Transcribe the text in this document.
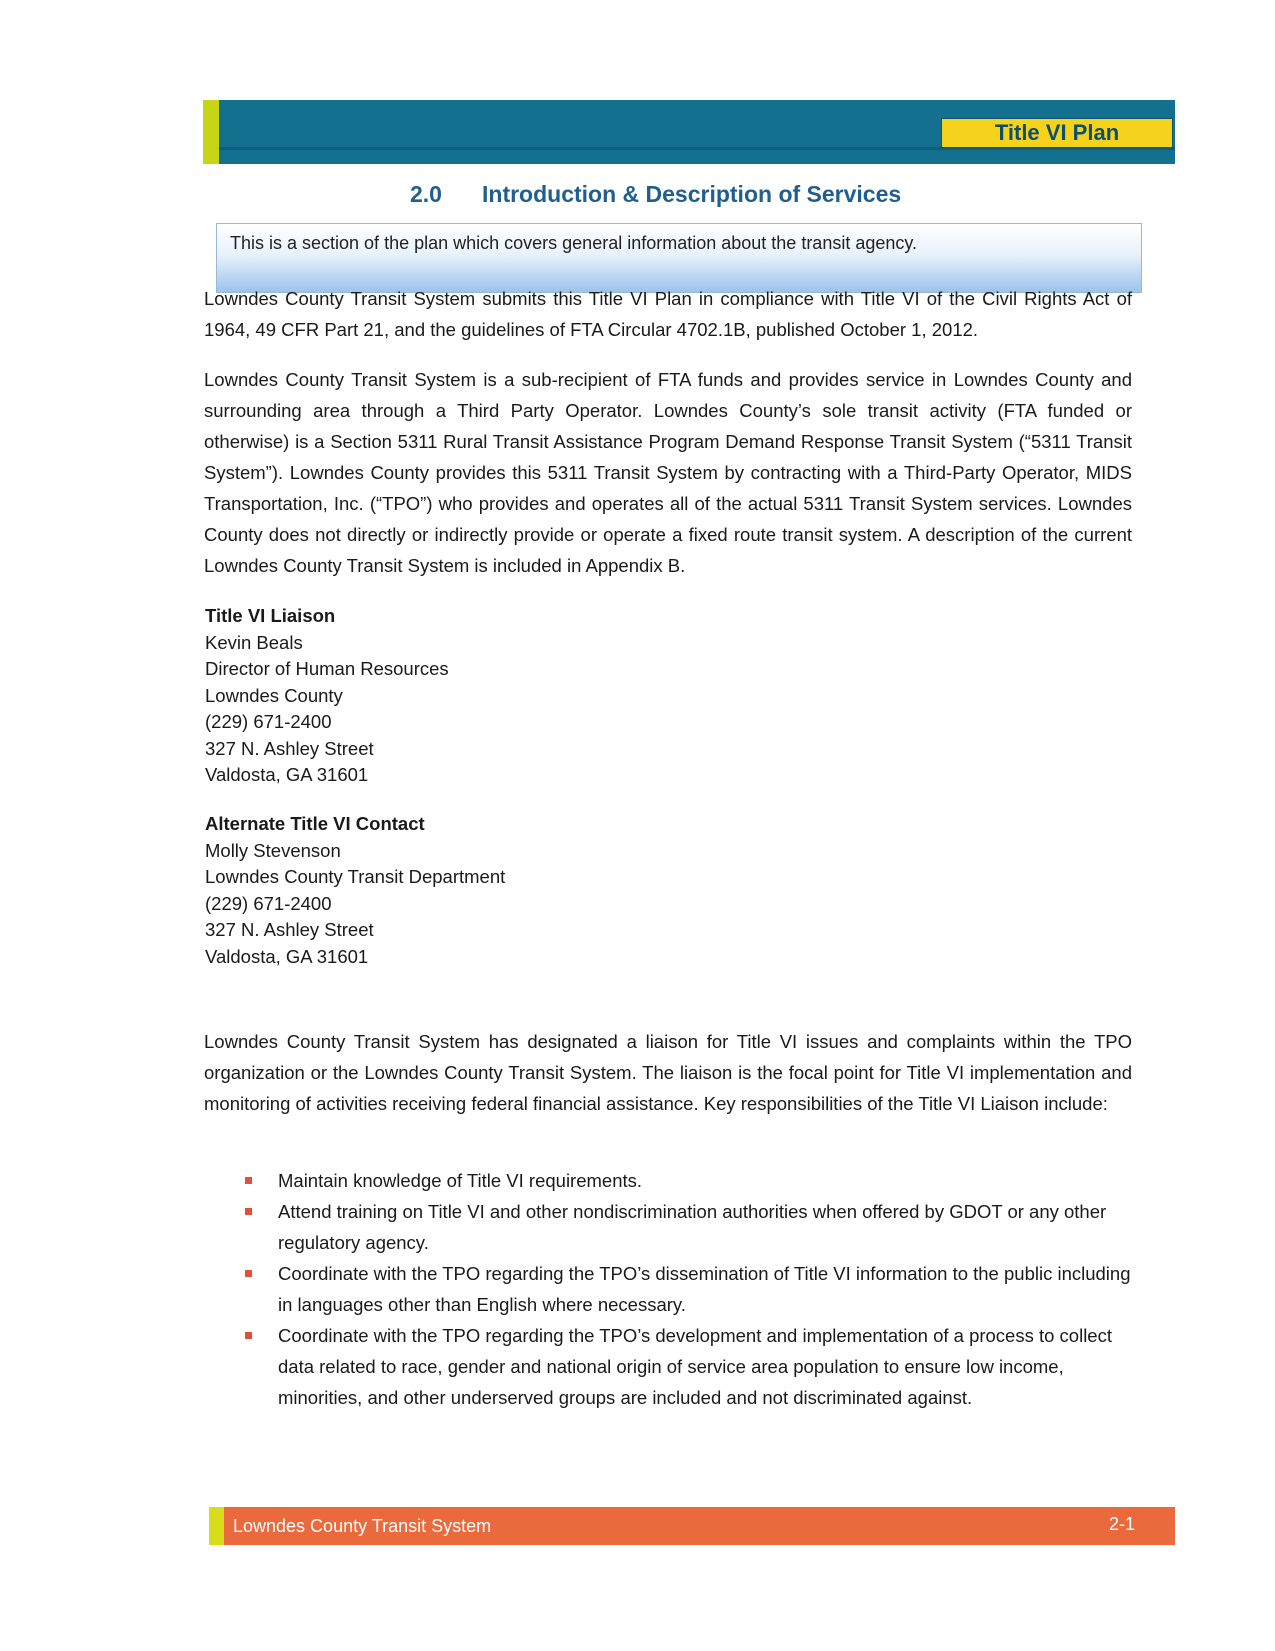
Title VI Plan
2.0 Introduction & Description of Services
This is a section of the plan which covers general information about the transit agency.
Lowndes County Transit System submits this Title VI Plan in compliance with Title VI of the Civil Rights Act of 1964, 49 CFR Part 21, and the guidelines of FTA Circular 4702.1B, published October 1, 2012.
Lowndes County Transit System is a sub-recipient of FTA funds and provides service in Lowndes County and surrounding area through a Third Party Operator. Lowndes County’s sole transit activity (FTA funded or otherwise) is a Section 5311 Rural Transit Assistance Program Demand Response Transit System (“5311 Transit System”). Lowndes County provides this 5311 Transit System by contracting with a Third-Party Operator, MIDS Transportation, Inc. (“TPO”) who provides and operates all of the actual 5311 Transit System services. Lowndes County does not directly or indirectly provide or operate a fixed route transit system. A description of the current Lowndes County Transit System is included in Appendix B.
Title VI Liaison
Kevin Beals
Director of Human Resources
Lowndes County
(229) 671-2400
327 N. Ashley Street
Valdosta, GA 31601
Alternate Title VI Contact
Molly Stevenson
Lowndes County Transit Department
(229) 671-2400
327 N. Ashley Street
Valdosta, GA 31601
Lowndes County Transit System has designated a liaison for Title VI issues and complaints within the TPO organization or the Lowndes County Transit System. The liaison is the focal point for Title VI implementation and monitoring of activities receiving federal financial assistance. Key responsibilities of the Title VI Liaison include:
Maintain knowledge of Title VI requirements.
Attend training on Title VI and other nondiscrimination authorities when offered by GDOT or any other regulatory agency.
Coordinate with the TPO regarding the TPO’s dissemination of Title VI information to the public including in languages other than English where necessary.
Coordinate with the TPO regarding the TPO’s development and implementation of a process to collect data related to race, gender and national origin of service area population to ensure low income, minorities, and other underserved groups are included and not discriminated against.
Lowndes County Transit System	2-1
